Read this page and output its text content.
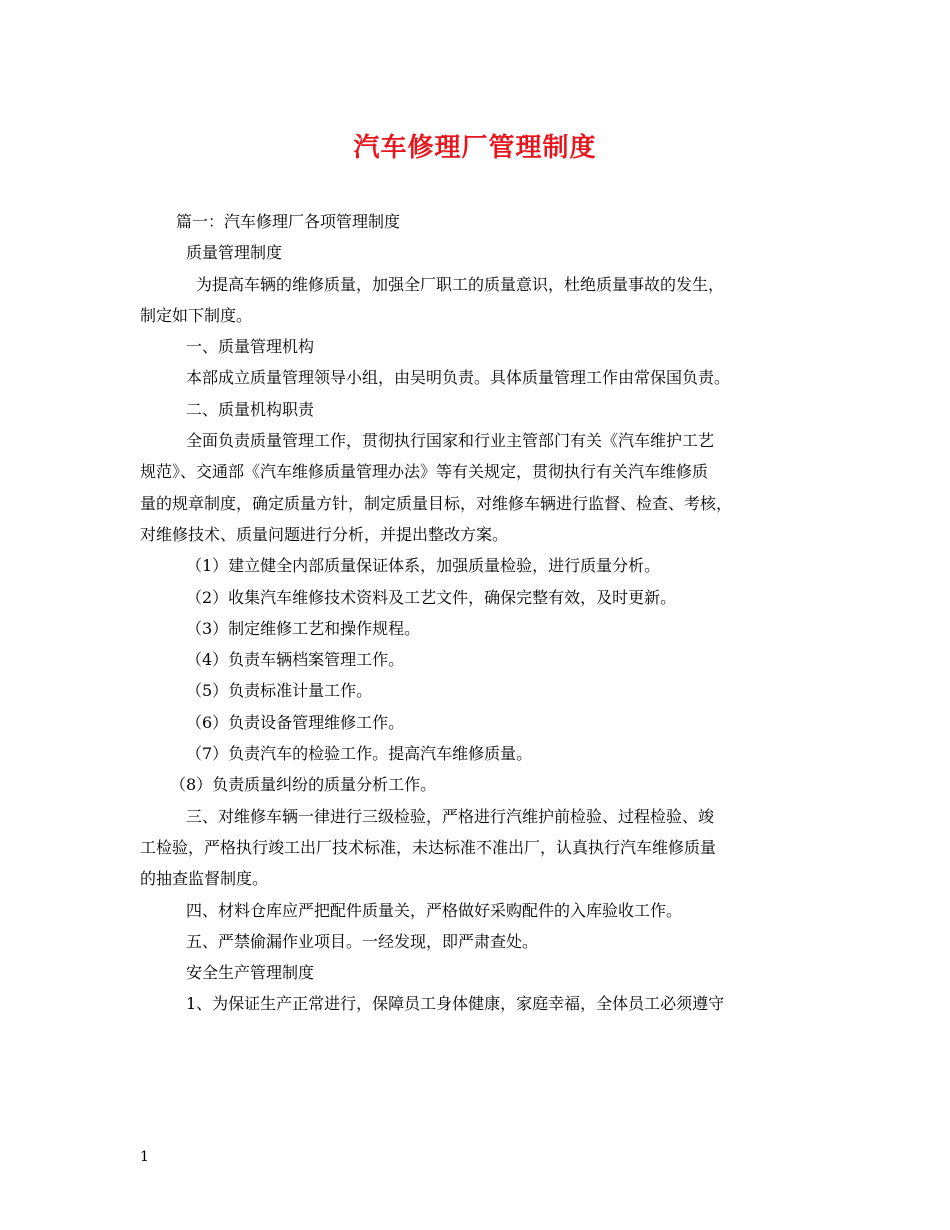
汽车修理厂管理制度

篇一：汽车修理厂各项管理制度

质量管理制度

为提高车辆的维修质量，加强全厂职工的质量意识，杜绝质量事故的发生，

制定如下制度。

一、质量管理机构

本部成立质量管理领导小组，由吴明负责。具体质量管理工作由常保国负责。

二、质量机构职责

全面负责质量管理工作，贯彻执行国家和行业主管部门有关《汽车维护工艺

规范》、交通部《汽车维修质量管理办法》等有关规定，贯彻执行有关汽车维修质

量的规章制度，确定质量方针，制定质量目标，对维修车辆进行监督、检查、考核，

对维修技术、质量问题进行分析，并提出整改方案。

（1）建立健全内部质量保证体系，加强质量检验，进行质量分析。

（2）收集汽车维修技术资料及工艺文件，确保完整有效，及时更新。

（3）制定维修工艺和操作规程。

（4）负责车辆档案管理工作。

（5）负责标准计量工作。

（6）负责设备管理维修工作。

（7）负责汽车的检验工作。提高汽车维修质量。

（8）负责质量纠纷的质量分析工作。

三、对维修车辆一律进行三级检验，严格进行汽维护前检验、过程检验、竣

工检验，严格执行竣工出厂技术标准，未达标准不准出厂，认真执行汽车维修质量

的抽查监督制度。

四、材料仓库应严把配件质量关，严格做好采购配件的入库验收工作。

五、严禁偷漏作业项目。一经发现，即严肃查处。

安全生产管理制度

1、为保证生产正常进行，保障员工身体健康，家庭幸福，全体员工必须遵守

1
